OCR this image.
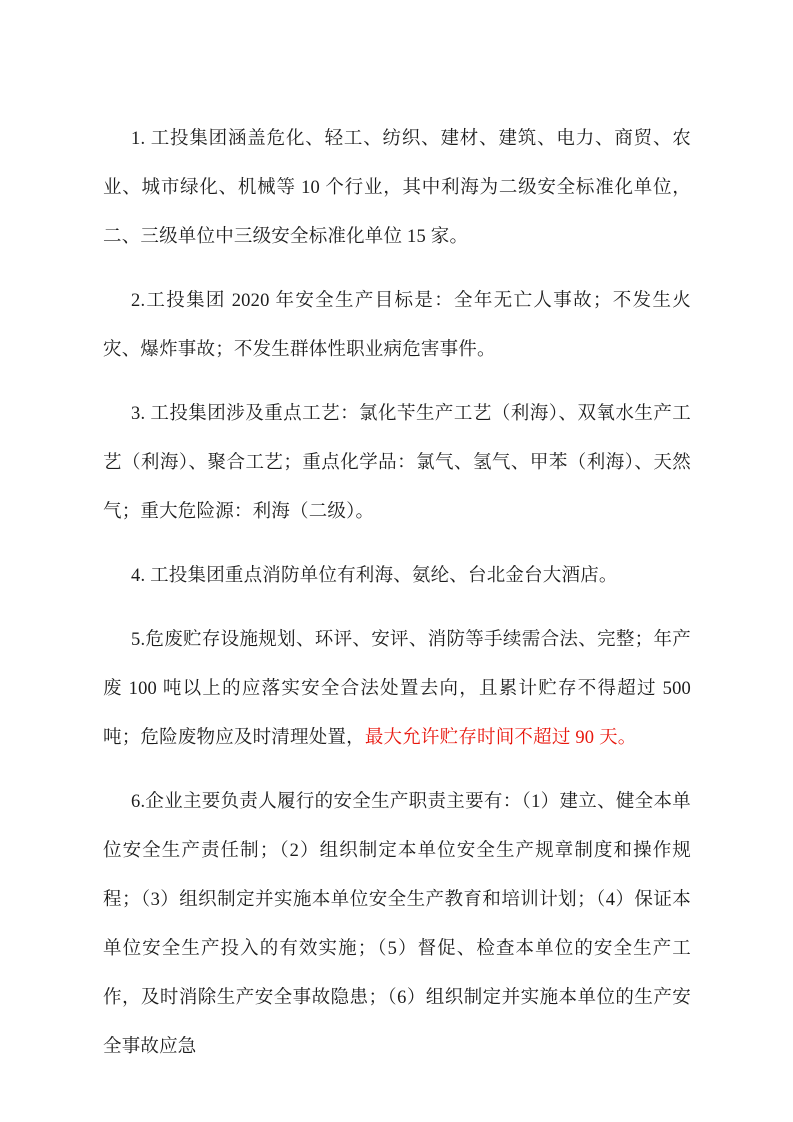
1. 工投集团涵盖危化、轻工、纺织、建材、建筑、电力、商贸、农业、城市绿化、机械等 10 个行业，其中利海为二级安全标准化单位，二、三级单位中三级安全标准化单位 15 家。

2.工投集团 2020 年安全生产目标是：全年无亡人事故；不发生火灾、爆炸事故；不发生群体性职业病危害事件。

3. 工投集团涉及重点工艺：氯化苄生产工艺（利海）、双氧水生产工艺（利海）、聚合工艺；重点化学品：氯气、氢气、甲苯（利海）、天然气；重大危险源：利海（二级）。

4. 工投集团重点消防单位有利海、氨纶、台北金台大酒店。

5.危废贮存设施规划、环评、安评、消防等手续需合法、完整；年产废 100 吨以上的应落实安全合法处置去向，且累计贮存不得超过 500 吨；危险废物应及时清理处置，最大允许贮存时间不超过 90 天。

6.企业主要负责人履行的安全生产职责主要有：（1）建立、健全本单位安全生产责任制；（2）组织制定本单位安全生产规章制度和操作规程；（3）组织制定并实施本单位安全生产教育和培训计划；（4）保证本单位安全生产投入的有效实施；（5）督促、检查本单位的安全生产工作，及时消除生产安全事故隐患；（6）组织制定并实施本单位的生产安全事故应急
